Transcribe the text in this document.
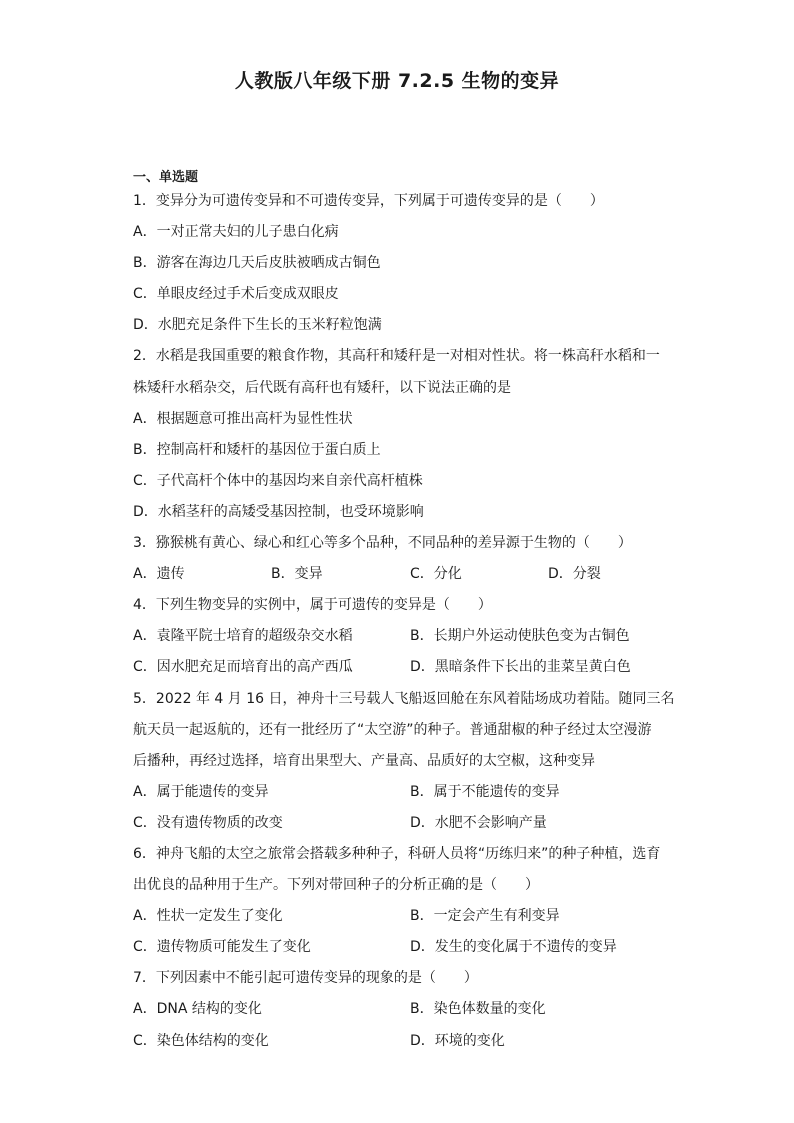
人教版八年级下册 7.2.5 生物的变异
一、单选题
1．变异分为可遗传变异和不可遗传变异，下列属于可遗传变异的是（　　）
A．一对正常夫妇的儿子患白化病
B．游客在海边几天后皮肤被晒成古铜色
C．单眼皮经过手术后变成双眼皮
D．水肥充足条件下生长的玉米籽粒饱满
2．水稻是我国重要的粮食作物，其高秆和矮秆是一对相对性状。将一株高秆水稻和一
株矮秆水稻杂交，后代既有高秆也有矮秆，以下说法正确的是
A．根据题意可推出高杆为显性性状
B．控制高杆和矮杆的基因位于蛋白质上
C．子代高杆个体中的基因均来自亲代高杆植株
D．水稻茎秆的高矮受基因控制，也受环境影响
3．猕猴桃有黄心、绿心和红心等多个品种，不同品种的差异源于生物的（　　）
A．遗传	B．变异	C．分化	D．分裂
4．下列生物变异的实例中，属于可遗传的变异是（　　）
A．袁隆平院士培育的超级杂交水稻	B．长期户外运动使肤色变为古铜色
C．因水肥充足而培育出的高产西瓜	D．黑暗条件下长出的韭菜呈黄白色
5．2022 年 4 月 16 日，神舟十三号载人飞船返回舱在东风着陆场成功着陆。随同三名
航天员一起返航的，还有一批经历了“太空游”的种子。普通甜椒的种子经过太空漫游
后播种，再经过选择，培育出果型大、产量高、品质好的太空椒，这种变异
A．属于能遗传的变异	B．属于不能遗传的变异
C．没有遗传物质的改变	D．水肥不会影响产量
6．神舟飞船的太空之旅常会搭载多种种子，科研人员将“历练归来”的种子种植，选育
出优良的品种用于生产。下列对带回种子的分析正确的是（　　）
A．性状一定发生了变化	B．一定会产生有利变异
C．遗传物质可能发生了变化	D．发生的变化属于不遗传的变异
7．下列因素中不能引起可遗传变异的现象的是（　　）
A．DNA 结构的变化	B．染色体数量的变化
C．染色体结构的变化	D．环境的变化
